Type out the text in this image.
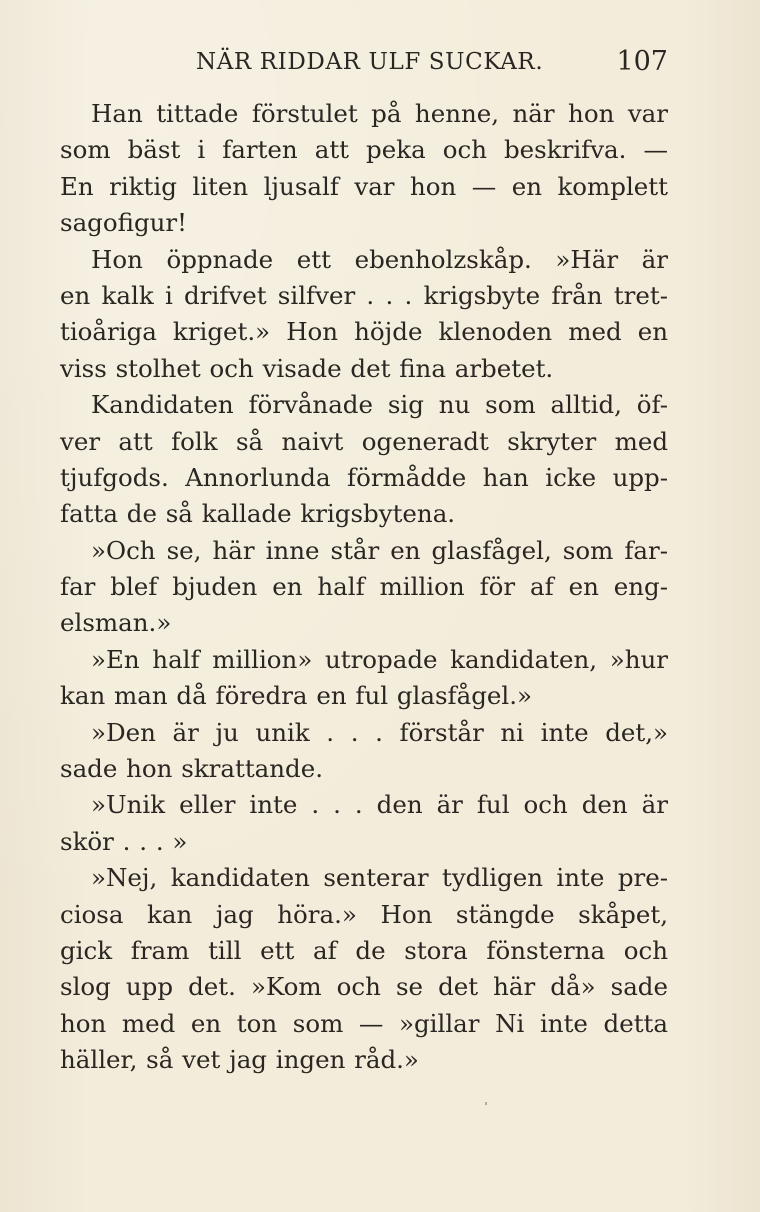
NÄR RIDDAR ULF SUCKAR.	107
Han tittade förstulet på henne, när hon var
som bäst i farten att peka och beskrifva. —
En riktig liten ljusalf var hon — en komplett
sagofigur!
Hon öppnade ett ebenholzskåp. »Här är
en kalk i drifvet silfver . . . krigsbyte från tret-
tioåriga kriget.» Hon höjde klenoden med en
viss stolhet och visade det fina arbetet.
Kandidaten förvånade sig nu som alltid, öf-
ver att folk så naivt ogeneradt skryter med
tjufgods. Annorlunda förmådde han icke upp-
fatta de så kallade krigsbytena.
»Och se, här inne står en glasfågel, som far-
far blef bjuden en half million för af en eng-
elsman.»
»En half million» utropade kandidaten, »hur
kan man då föredra en ful glasfågel.»
»Den är ju unik . . . förstår ni inte det,»
sade hon skrattande.
»Unik eller inte . . . den är ful och den är
skör . . . »
»Nej, kandidaten senterar tydligen inte pre-
ciosa kan jag höra.» Hon stängde skåpet,
gick fram till ett af de stora fönsterna och
slog upp det. »Kom och se det här då» sade
hon med en ton som — »gillar Ni inte detta
häller, så vet jag ingen råd.»
